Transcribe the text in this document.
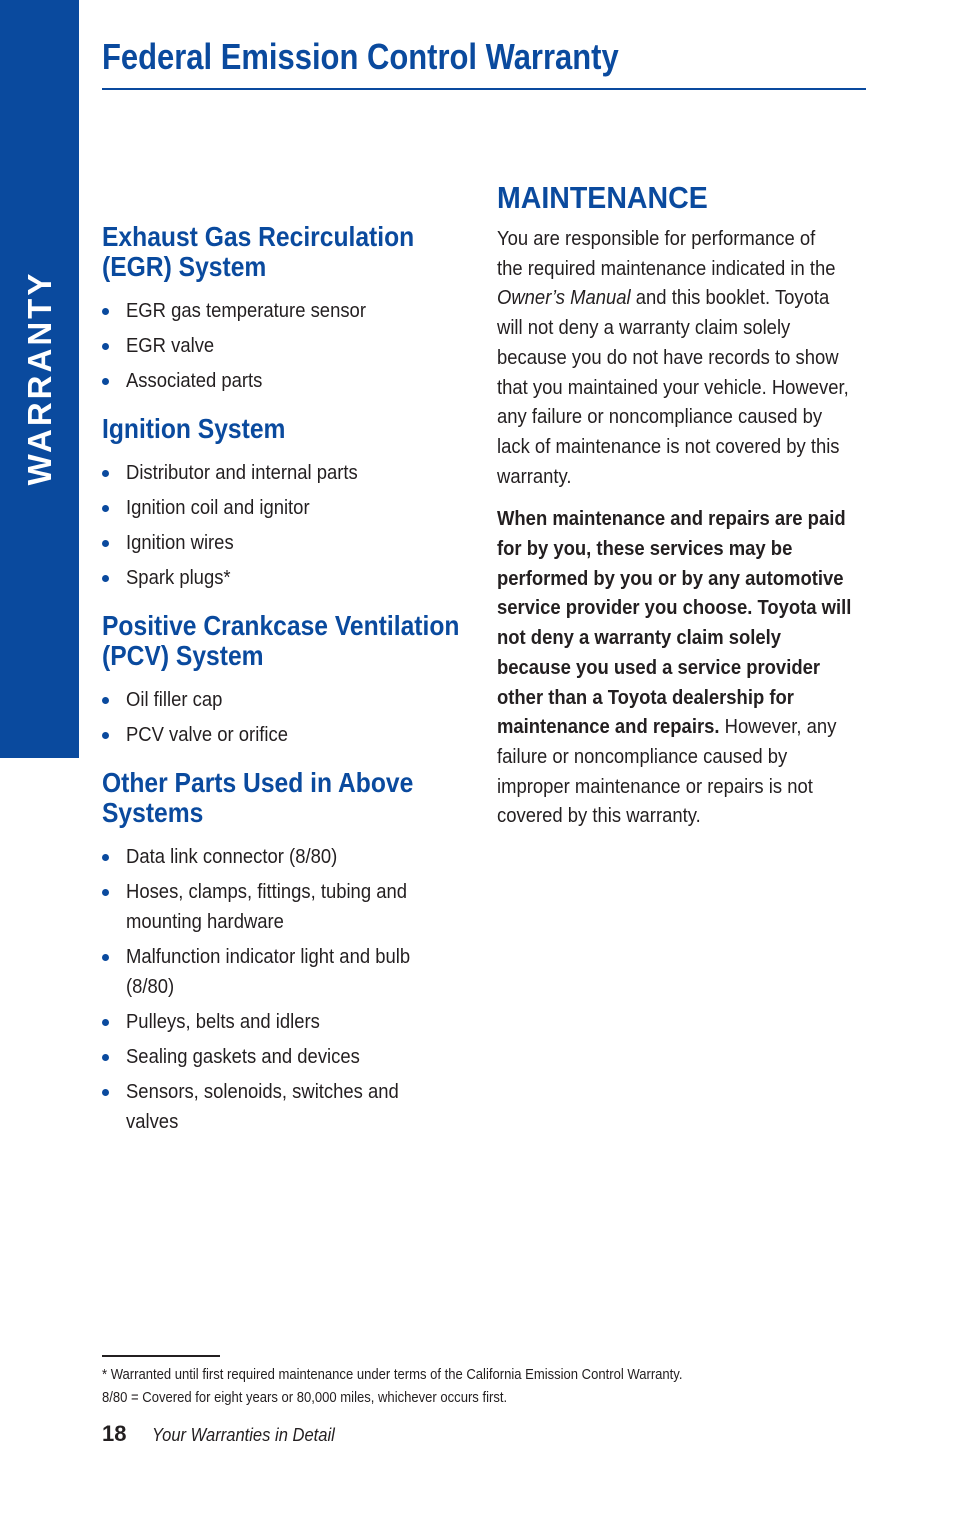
WARRANTY
Federal Emission Control Warranty
Exhaust Gas Recirculation
(EGR) System
EGR gas temperature sensor
EGR valve
Associated parts
Ignition System
Distributor and internal parts
Ignition coil and ignitor
Ignition wires
Spark plugs*
Positive Crankcase Ventilation
(PCV) System
Oil filler cap
PCV valve or orifice
Other Parts Used in Above
Systems
Data link connector (8/80)
Hoses, clamps, fittings, tubing and
mounting hardware
Malfunction indicator light and bulb
(8/80)
Pulleys, belts and idlers
Sealing gaskets and devices
Sensors, solenoids, switches and
valves
MAINTENANCE

You are responsible for performance of
the required maintenance indicated in the
Owner’s Manual and this booklet. Toyota
will not deny a warranty claim solely
because you do not have records to show
that you maintained your vehicle. However,
any failure or noncompliance caused by
lack of maintenance is not covered by this
warranty.

When maintenance and repairs are paid
for by you, these services may be
performed by you or by any automotive
service provider you choose. Toyota will
not deny a warranty claim solely
because you used a service provider
other than a Toyota dealership for
maintenance and repairs. However, any
failure or noncompliance caused by
improper maintenance or repairs is not
covered by this warranty.

* Warranted until first required maintenance under terms of the California Emission Control Warranty.
8/80 = Covered for eight years or 80,000 miles, whichever occurs first.
18 Your Warranties in Detail
